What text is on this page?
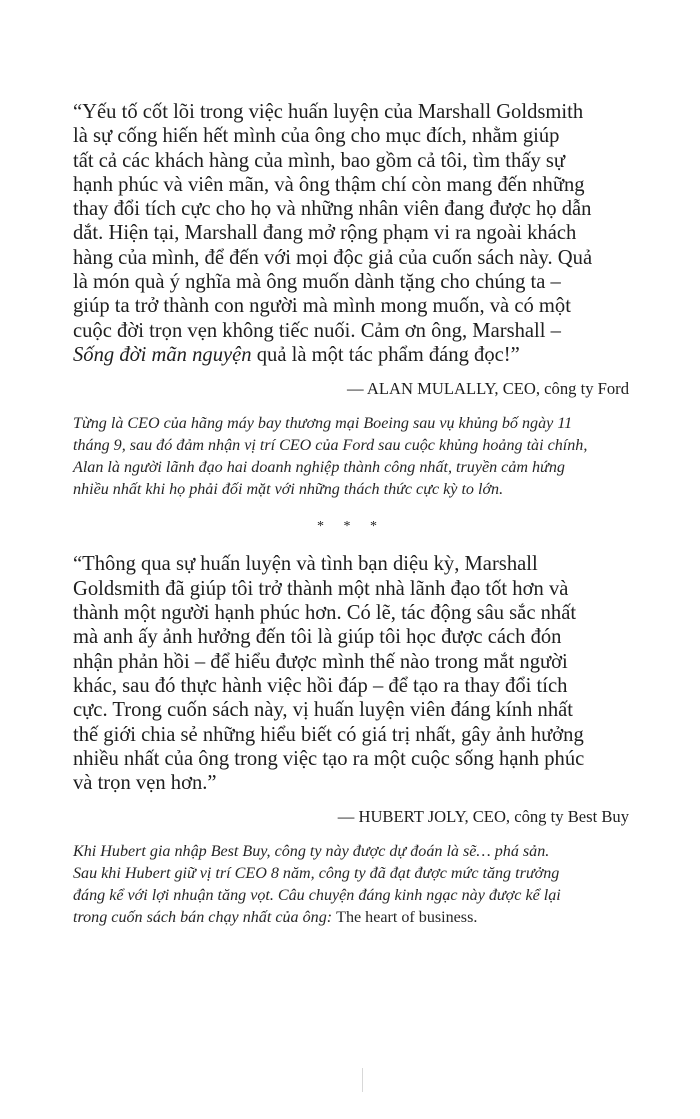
“Yếu tố cốt lõi trong việc huấn luyện của Marshall Goldsmith
là sự cống hiến hết mình của ông cho mục đích, nhằm giúp
tất cả các khách hàng của mình, bao gồm cả tôi, tìm thấy sự
hạnh phúc và viên mãn, và ông thậm chí còn mang đến những
thay đổi tích cực cho họ và những nhân viên đang được họ dẫn
dắt. Hiện tại, Marshall đang mở rộng phạm vi ra ngoài khách
hàng của mình, để đến với mọi độc giả của cuốn sách này. Quả
là món quà ý nghĩa mà ông muốn dành tặng cho chúng ta –
giúp ta trở thành con người mà mình mong muốn, và có một
cuộc đời trọn vẹn không tiếc nuối. Cảm ơn ông, Marshall –
Sống đời mãn nguyện quả là một tác phẩm đáng đọc!”
— ALAN MULALLY, CEO, công ty Ford
Từng là CEO của hãng máy bay thương mại Boeing sau vụ khủng bố ngày 11
tháng 9, sau đó đảm nhận vị trí CEO của Ford sau cuộc khủng hoảng tài chính,
Alan là người lãnh đạo hai doanh nghiệp thành công nhất, truyền cảm hứng
nhiều nhất khi họ phải đối mặt với những thách thức cực kỳ to lớn.
* * *
“Thông qua sự huấn luyện và tình bạn diệu kỳ, Marshall
Goldsmith đã giúp tôi trở thành một nhà lãnh đạo tốt hơn và
thành một người hạnh phúc hơn. Có lẽ, tác động sâu sắc nhất
mà anh ấy ảnh hưởng đến tôi là giúp tôi học được cách đón
nhận phản hồi – để hiểu được mình thế nào trong mắt người
khác, sau đó thực hành việc hồi đáp – để tạo ra thay đổi tích
cực. Trong cuốn sách này, vị huấn luyện viên đáng kính nhất
thế giới chia sẻ những hiểu biết có giá trị nhất, gây ảnh hưởng
nhiều nhất của ông trong việc tạo ra một cuộc sống hạnh phúc
và trọn vẹn hơn.”
— HUBERT JOLY, CEO, công ty Best Buy
Khi Hubert gia nhập Best Buy, công ty này được dự đoán là sẽ… phá sản.
Sau khi Hubert giữ vị trí CEO 8 năm, công ty đã đạt được mức tăng trưởng
đáng kể với lợi nhuận tăng vọt. Câu chuyện đáng kinh ngạc này được kể lại
trong cuốn sách bán chạy nhất của ông: The heart of business.
